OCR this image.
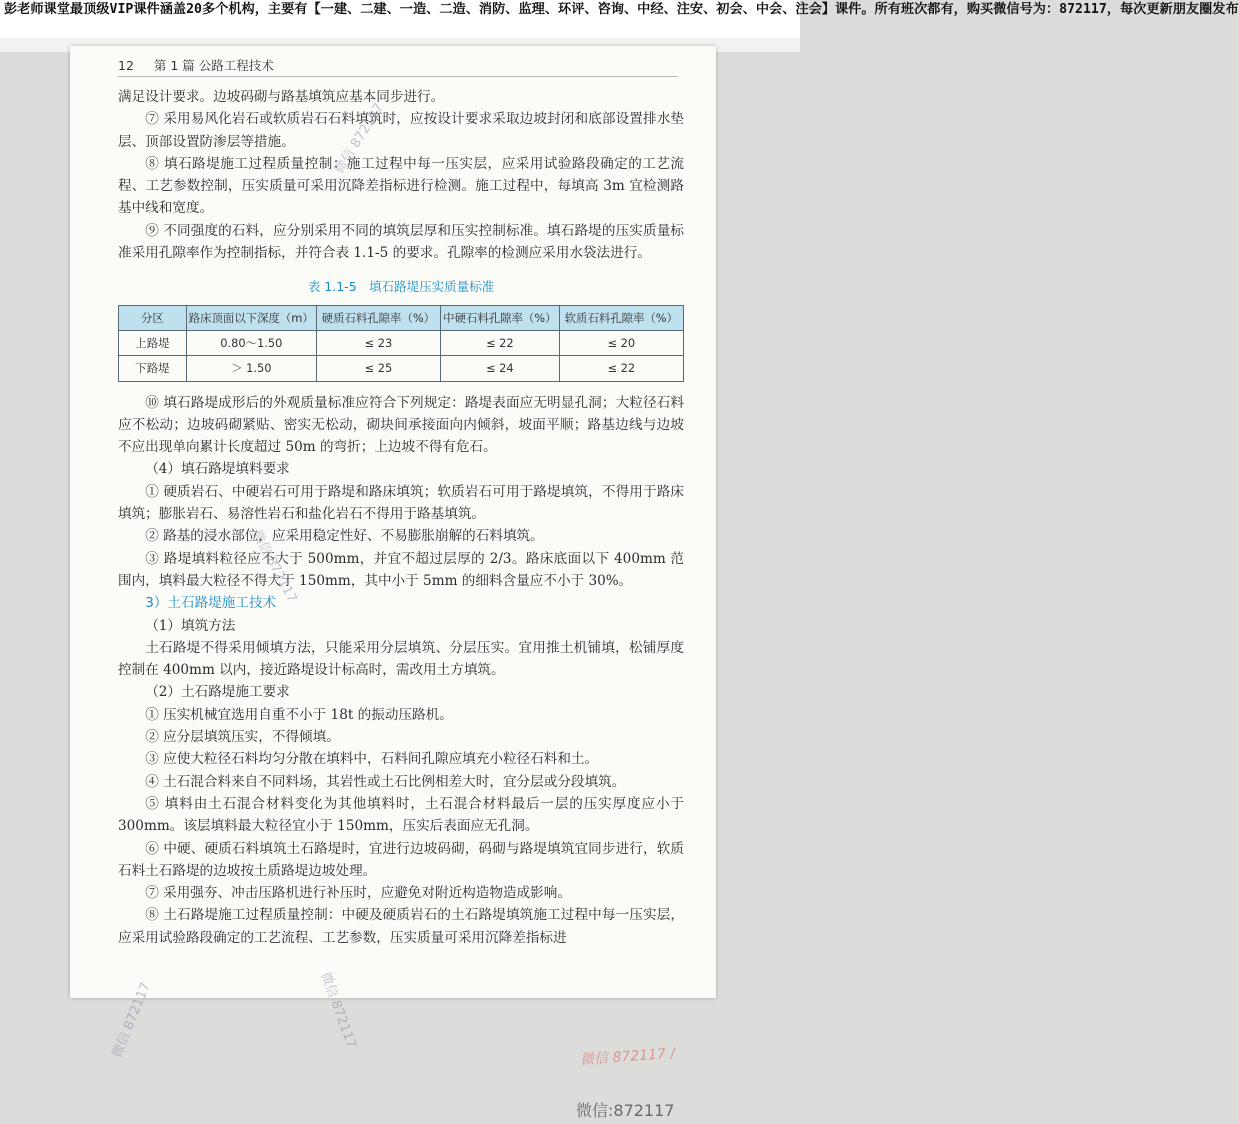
彭老师课堂最顶级VIP课件涵盖20多个机构，主要有【一建、二建、一造、二造、消防、监理、环评、咨询、中经、注安、初会、中会、注会】课件。所有班次都有，购买微信号为：872117，每次更新朋友圈发布
12 第 1 篇 公路工程技术

满足设计要求。边坡码砌与路基填筑应基本同步进行。

⑦ 采用易风化岩石或软质岩石石料填筑时，应按设计要求采取边坡封闭和底部设置排水垫层、顶部设置防渗层等措施。

⑧ 填石路堤施工过程质量控制：施工过程中每一压实层，应采用试验路段确定的工艺流程、工艺参数控制，压实质量可采用沉降差指标进行检测。施工过程中，每填高 3m 宜检测路基中线和宽度。

⑨ 不同强度的石料，应分别采用不同的填筑层厚和压实控制标准。填石路堤的压实质量标准采用孔隙率作为控制指标，并符合表 1.1-5 的要求。孔隙率的检测应采用水袋法进行。

表 1.1-5　填石路堤压实质量标准
分区	路床顶面以下深度（m）	硬质石料孔隙率（%）	中硬石料孔隙率（%）	软质石料孔隙率（%）
上路堤	0.80～1.50	≤ 23	≤ 22	≤ 20
下路堤	＞ 1.50	≤ 25	≤ 24	≤ 22

⑩ 填石路堤成形后的外观质量标准应符合下列规定：路堤表面应无明显孔洞；大粒径石料应不松动；边坡码砌紧贴、密实无松动，砌块间承接面向内倾斜，坡面平顺；路基边线与边坡不应出现单向累计长度超过 50m 的弯折；上边坡不得有危石。

（4）填石路堤填料要求

① 硬质岩石、中硬岩石可用于路堤和路床填筑；软质岩石可用于路堤填筑，不得用于路床填筑；膨胀岩石、易溶性岩石和盐化岩石不得用于路基填筑。

② 路基的浸水部位，应采用稳定性好、不易膨胀崩解的石料填筑。

③ 路堤填料粒径应不大于 500mm，并宜不超过层厚的 2/3。路床底面以下 400mm 范围内，填料最大粒径不得大于 150mm，其中小于 5mm 的细料含量应不小于 30%。

3）土石路堤施工技术

（1）填筑方法

土石路堤不得采用倾填方法，只能采用分层填筑、分层压实。宜用推土机铺填，松铺厚度控制在 400mm 以内，接近路堤设计标高时，需改用土方填筑。

（2）土石路堤施工要求

① 压实机械宜选用自重不小于 18t 的振动压路机。

② 应分层填筑压实，不得倾填。

③ 应使大粒径石料均匀分散在填料中，石料间孔隙应填充小粒径石料和土。

④ 土石混合料来自不同料场，其岩性或土石比例相差大时，宜分层或分段填筑。

⑤ 填料由土石混合材料变化为其他填料时，土石混合材料最后一层的压实厚度应小于 300mm。该层填料最大粒径宜小于 150mm，压实后表面应无孔洞。

⑥ 中硬、硬质石料填筑土石路堤时，宜进行边坡码砌，码砌与路堤填筑宜同步进行，软质石料土石路堤的边坡按土质路堤边坡处理。

⑦ 采用强夯、冲击压路机进行补压时，应避免对附近构造物造成影响。

⑧ 土石路堤施工过程质量控制：中硬及硬质岩石的土石路堤填筑施工过程中每一压实层，应采用试验路段确定的工艺流程、工艺参数，压实质量可采用沉降差指标进

微信 872117
微信 872117
微信 872117	微信 872117
微信 872117 /
微信:872117
